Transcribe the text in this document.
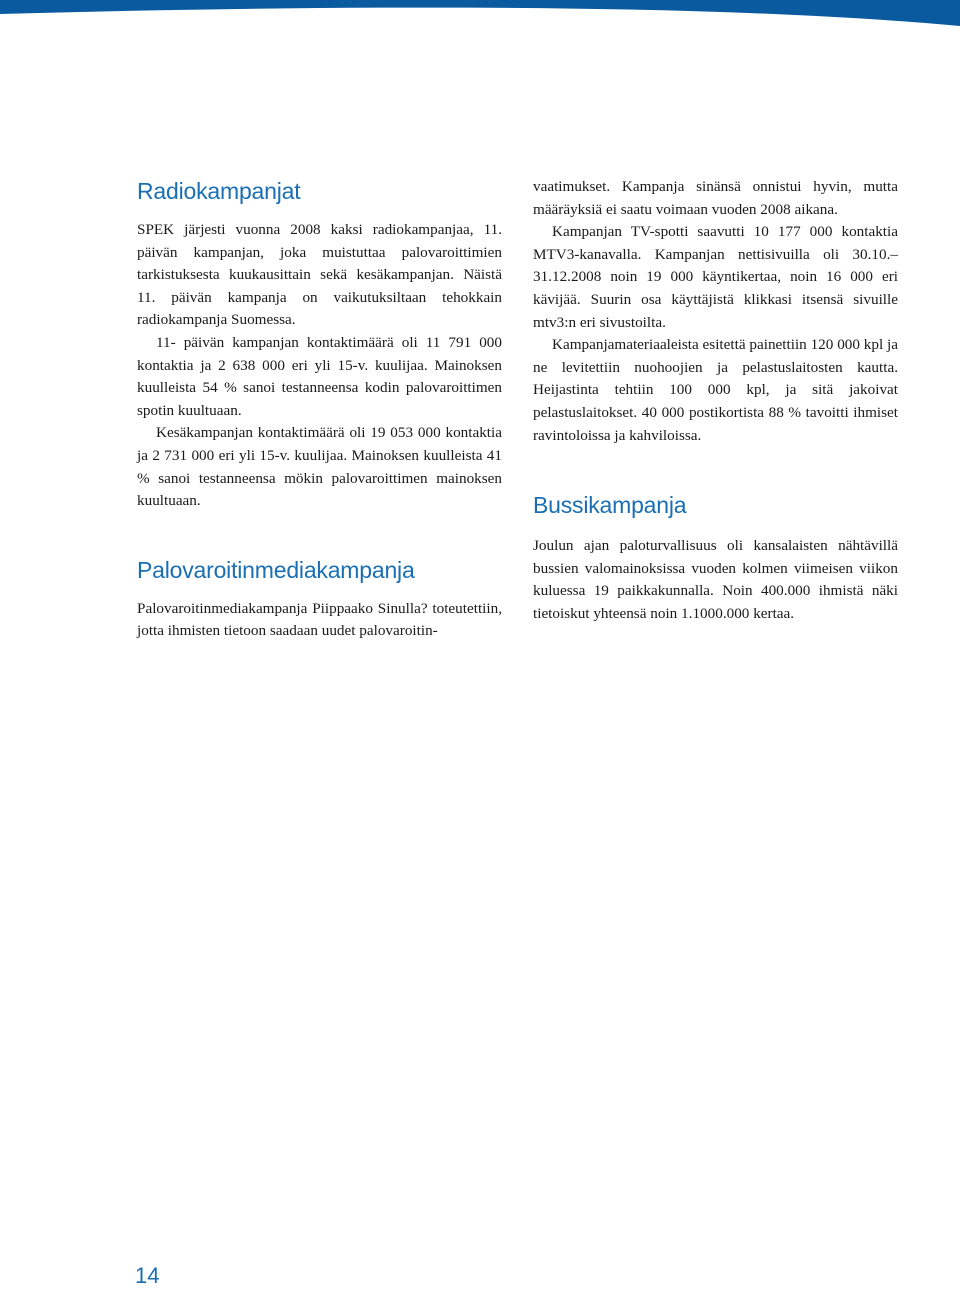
Radiokampanjat

SPEK järjesti vuonna 2008 kaksi radiokampanjaa, 11. päivän kampanjan, joka muistuttaa palovaroittimien tarkistuksesta kuukausittain sekä kesäkampanjan. Näistä 11. päivän kampanja on vaikutuksiltaan tehokkain radiokampanja Suomessa.

11- päivän kampanjan kontaktimäärä oli 11 791 000 kontaktia ja 2 638 000 eri yli 15-v. kuulijaa. Mainoksen kuulleista 54 % sanoi testanneensa kodin palovaroittimen spotin kuultuaan.

Kesäkampanjan kontaktimäärä oli 19 053 000 kontaktia ja 2 731 000 eri yli 15-v. kuulijaa. Mainoksen kuulleista 41 % sanoi testanneensa mökin palovaroittimen mainoksen kuultuaan.

Palovaroitinmediakampanja

Palovaroitinmediakampanja Piippaako Sinulla? toteutettiin, jotta ihmisten tietoon saadaan uudet palovaroitin-

vaatimukset. Kampanja sinänsä onnistui hyvin, mutta määräyksiä ei saatu voimaan vuoden 2008 aikana.

Kampanjan TV-spotti saavutti 10 177 000 kontaktia MTV3-kanavalla. Kampanjan nettisivuilla oli 30.10.–31.12.2008 noin 19 000 käyntikertaa, noin 16 000 eri kävijää. Suurin osa käyttäjistä klikkasi itsensä sivuille mtv3:n eri sivustoilta.

Kampanjamateriaaleista esitettä painettiin 120 000 kpl ja ne levitettiin nuohoojien ja pelastuslaitosten kautta. Heijastinta tehtiin 100 000 kpl, ja sitä jakoivat pelastuslaitokset. 40 000 postikortista 88 % tavoitti ihmiset ravintoloissa ja kahviloissa.

Bussikampanja

Joulun ajan paloturvallisuus oli kansalaisten nähtävillä bussien valomainoksissa vuoden kolmen viimeisen viikon kuluessa 19 paikkakunnalla. Noin 400.000 ihmistä näki tietoiskut yhteensä noin 1.1000.000 kertaa.

14
